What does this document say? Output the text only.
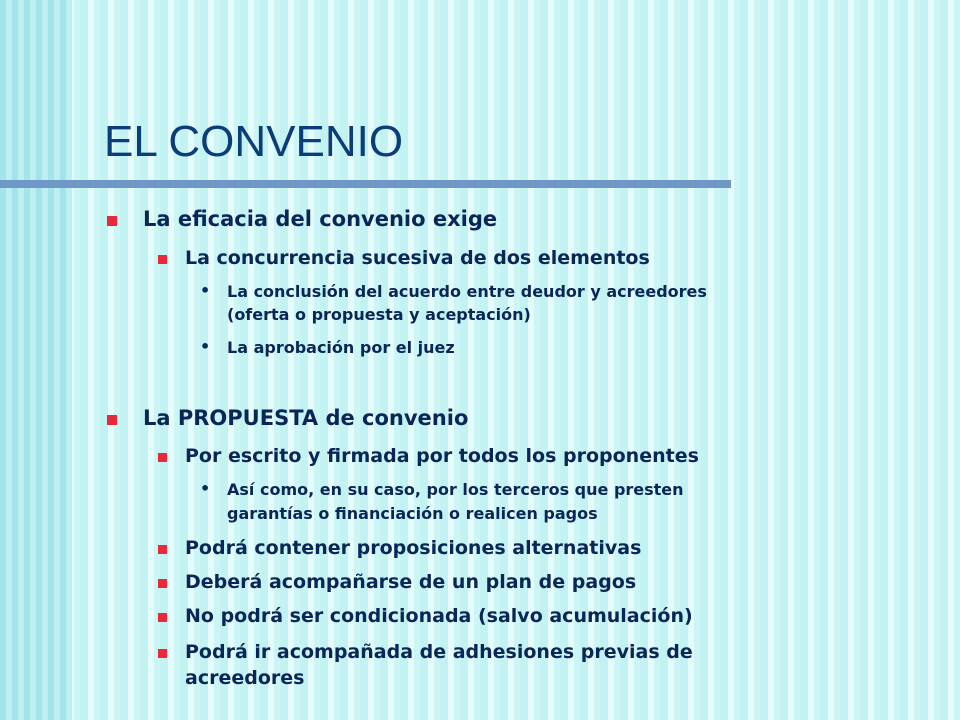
EL CONVENIO
La eficacia del convenio exige
La concurrencia sucesiva de dos elementos
• La conclusión del acuerdo entre deudor y acreedores
(oferta o propuesta y aceptación)
• La aprobación por el juez
La PROPUESTA de convenio
Por escrito y firmada por todos los proponentes
• Así como, en su caso, por los terceros que presten
garantías o financiación o realicen pagos
Podrá contener proposiciones alternativas
Deberá acompañarse de un plan de pagos
No podrá ser condicionada (salvo acumulación)
Podrá ir acompañada de adhesiones previas de
acreedores
